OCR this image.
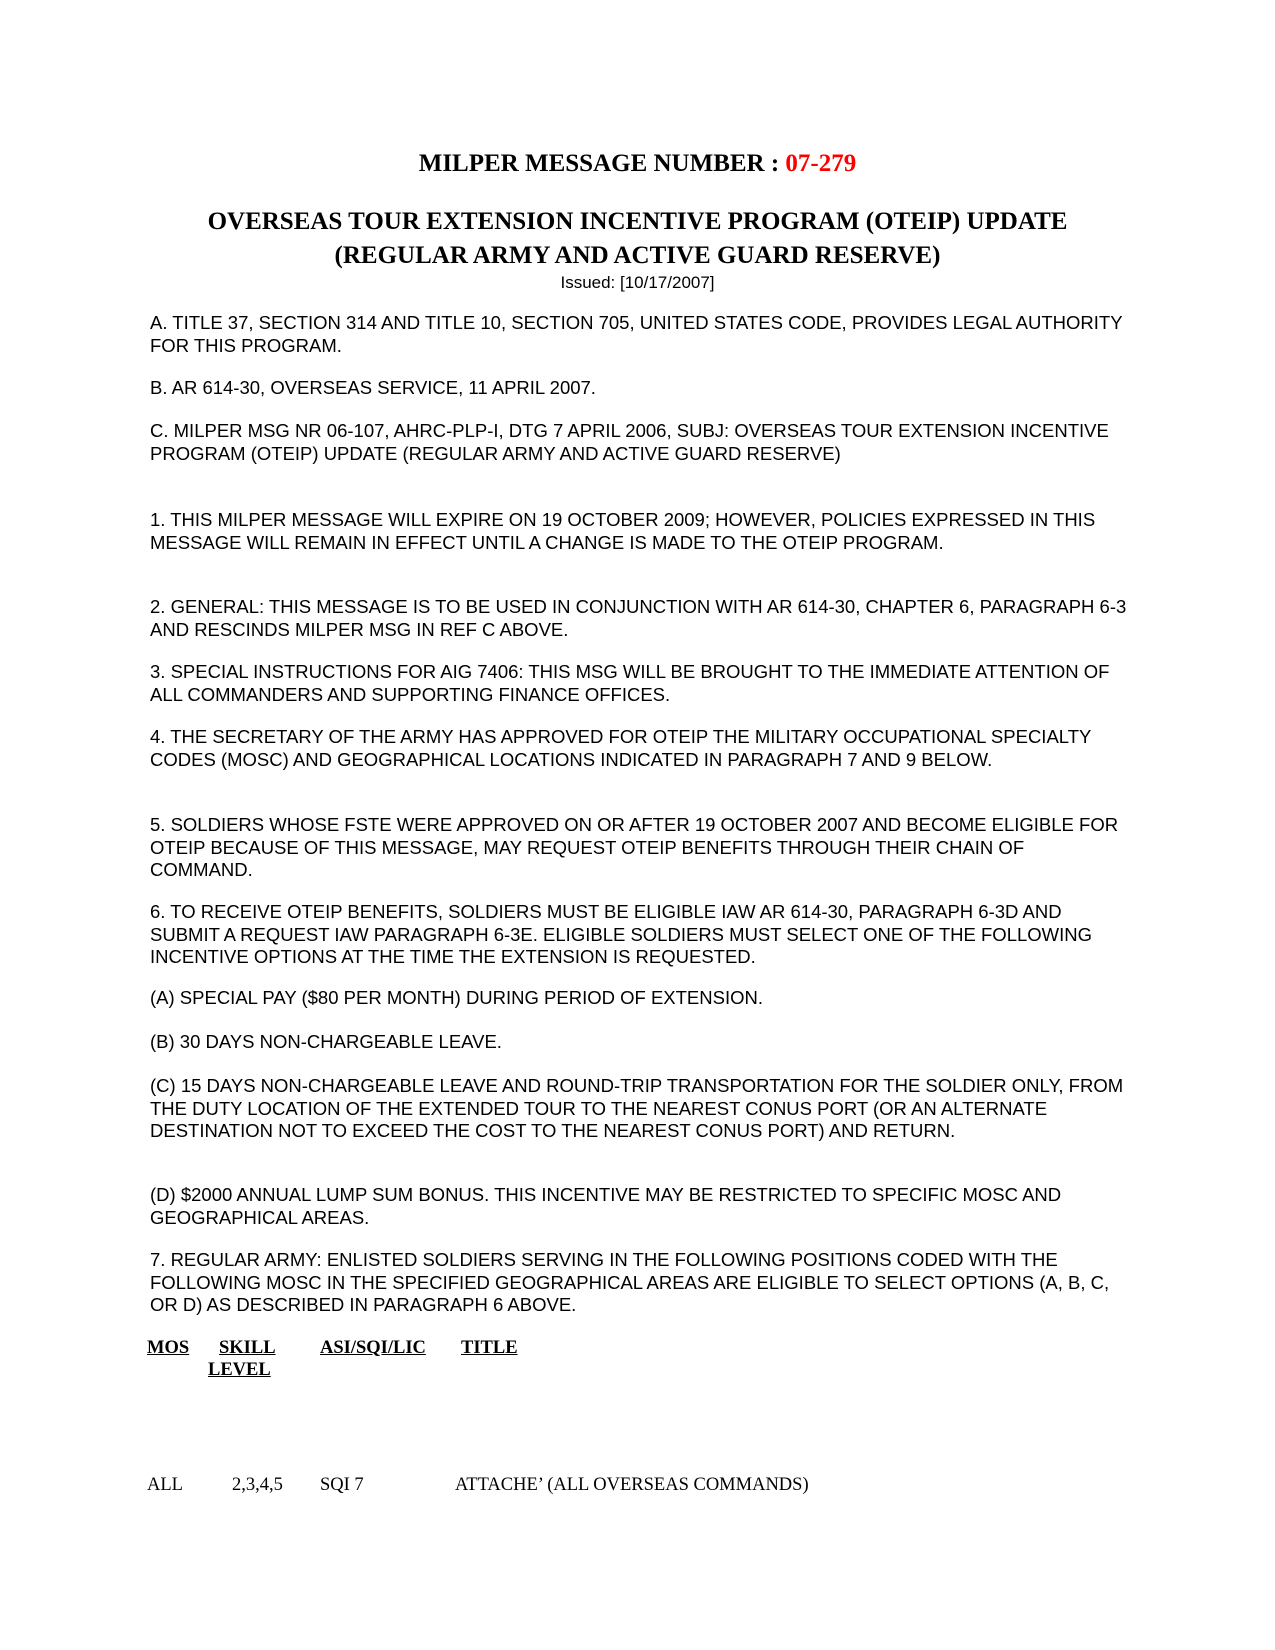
MILPER MESSAGE NUMBER : 07-279
OVERSEAS TOUR EXTENSION INCENTIVE PROGRAM (OTEIP) UPDATE
(REGULAR ARMY AND ACTIVE GUARD RESERVE)
Issued: [10/17/2007]

A. TITLE 37, SECTION 314 AND TITLE 10, SECTION 705, UNITED STATES CODE, PROVIDES LEGAL AUTHORITY FOR THIS PROGRAM.

B. AR 614-30, OVERSEAS SERVICE, 11 APRIL 2007.

C. MILPER MSG NR 06-107, AHRC-PLP-I, DTG 7 APRIL 2006, SUBJ: OVERSEAS TOUR EXTENSION INCENTIVE PROGRAM (OTEIP) UPDATE (REGULAR ARMY AND ACTIVE GUARD RESERVE)

1. THIS MILPER MESSAGE WILL EXPIRE ON 19 OCTOBER 2009; HOWEVER, POLICIES EXPRESSED IN THIS MESSAGE WILL REMAIN IN EFFECT UNTIL A CHANGE IS MADE TO THE OTEIP PROGRAM.

2. GENERAL: THIS MESSAGE IS TO BE USED IN CONJUNCTION WITH AR 614-30, CHAPTER 6, PARAGRAPH 6-3 AND RESCINDS MILPER MSG IN REF C ABOVE.

3. SPECIAL INSTRUCTIONS FOR AIG 7406: THIS MSG WILL BE BROUGHT TO THE IMMEDIATE ATTENTION OF ALL COMMANDERS AND SUPPORTING FINANCE OFFICES.

4. THE SECRETARY OF THE ARMY HAS APPROVED FOR OTEIP THE MILITARY OCCUPATIONAL SPECIALTY CODES (MOSC) AND GEOGRAPHICAL LOCATIONS INDICATED IN PARAGRAPH 7 AND 9 BELOW.

5. SOLDIERS WHOSE FSTE WERE APPROVED ON OR AFTER 19 OCTOBER 2007 AND BECOME ELIGIBLE FOR OTEIP BECAUSE OF THIS MESSAGE, MAY REQUEST OTEIP BENEFITS THROUGH THEIR CHAIN OF COMMAND.

6. TO RECEIVE OTEIP BENEFITS, SOLDIERS MUST BE ELIGIBLE IAW AR 614-30, PARAGRAPH 6-3D AND SUBMIT A REQUEST IAW PARAGRAPH 6-3E. ELIGIBLE SOLDIERS MUST SELECT ONE OF THE FOLLOWING INCENTIVE OPTIONS AT THE TIME THE EXTENSION IS REQUESTED.

(A) SPECIAL PAY ($80 PER MONTH) DURING PERIOD OF EXTENSION.

(B) 30 DAYS NON-CHARGEABLE LEAVE.

(C) 15 DAYS NON-CHARGEABLE LEAVE AND ROUND-TRIP TRANSPORTATION FOR THE SOLDIER ONLY, FROM THE DUTY LOCATION OF THE EXTENDED TOUR TO THE NEAREST CONUS PORT (OR AN ALTERNATE DESTINATION NOT TO EXCEED THE COST TO THE NEAREST CONUS PORT) AND RETURN.

(D) $2000 ANNUAL LUMP SUM BONUS. THIS INCENTIVE MAY BE RESTRICTED TO SPECIFIC MOSC AND GEOGRAPHICAL AREAS.

7. REGULAR ARMY: ENLISTED SOLDIERS SERVING IN THE FOLLOWING POSITIONS CODED WITH THE FOLLOWING MOSC IN THE SPECIFIED GEOGRAPHICAL AREAS ARE ELIGIBLE TO SELECT OPTIONS (A, B, C, OR D) AS DESCRIBED IN PARAGRAPH 6 ABOVE.

MOS SKILL
LEVEL
ASI/SQI/LIC TITLE
ALL	2,3,4,5 SQI 7	ATTACHE’ (ALL OVERSEAS COMMANDS)
